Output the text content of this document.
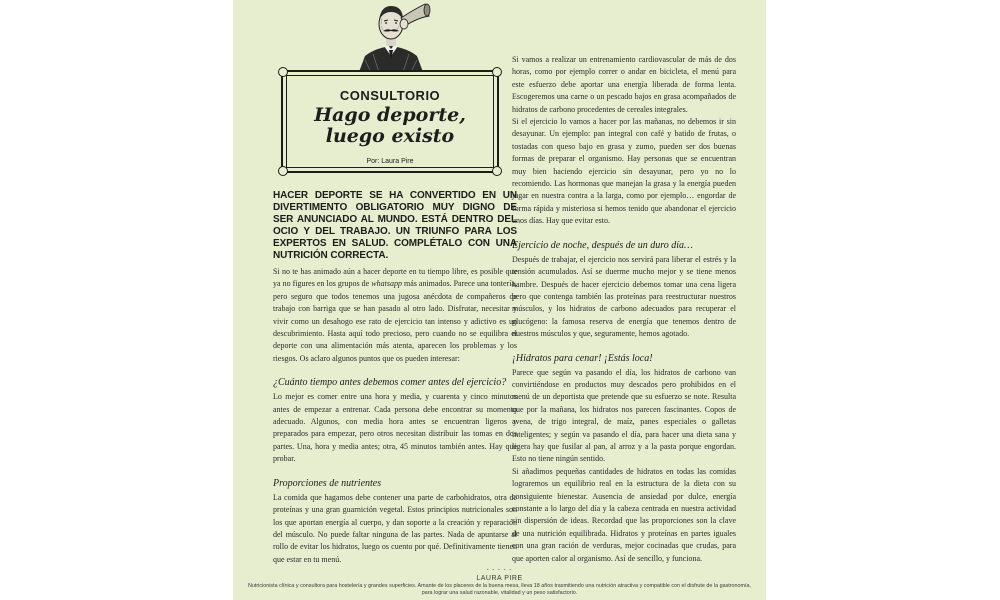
CONSULTORIO
Hago deporte,
luego existo
Por: Laura Pire

HACER DEPORTE SE HA CONVERTIDO EN UN DIVERTIMENTO OBLIGATORIO MUY DIGNO DE SER ANUNCIADO AL MUNDO. ESTÁ DENTRO DEL OCIO Y DEL TRABAJO. UN TRIUNFO PARA LOS EXPERTOS EN SALUD. COMPLÉTALO CON UNA NUTRICIÓN CORRECTA.

Si no te has animado aún a hacer deporte en tu tiempo libre, es posible que ya no figures en los grupos de whatsapp más animados. Parece una tontería, pero seguro que todos tenemos una jugosa anécdota de compañeros de trabajo con barriga que se han pasado al otro lado. Disfrutar, necesitar y vivir como un desahogo ese rato de ejercicio tan intenso y adictivo es un descubrimiento. Hasta aquí todo precioso, pero cuando no se equilibra el deporte con una alimentación más atenta, aparecen los problemas y los riesgos. Os aclaro algunos puntos que os pueden interesar:

¿Cuánto tiempo antes debemos comer antes del ejercicio?

Lo mejor es comer entre una hora y media, y cuarenta y cinco minutos antes de empezar a entrenar. Cada persona debe encontrar su momento adecuado. Algunos, con media hora antes se encuentran ligeros y preparados para empezar, pero otros necesitan distribuir las tomas en dos partes. Una, hora y media antes; otra, 45 minutos también antes. Hay que probar.

Proporciones de nutrientes

La comida que hagamos debe contener una parte de carbohidratos, otra de proteínas y una gran guarnición vegetal. Estos principios nutricionales son los que aportan energía al cuerpo, y dan soporte a la creación y reparación del músculo. No puede faltar ninguna de las partes. Nada de apuntarse al rollo de evitar los hidratos, luego os cuento por qué. Definitivamente tienen que estar en tu menú.

Si vamos a realizar un entrenamiento cardiovascular de más de dos horas, como por ejemplo correr o andar en bicicleta, el menú para este esfuerzo debe aportar una energía liberada de forma lenta. Escogeremos una carne o un pescado bajos en grasa acompañados de hidratos de carbono procedentes de cereales integrales.

Si el ejercicio lo vamos a hacer por las mañanas, no debemos ir sin desayunar. Un ejemplo: pan integral con café y batido de frutas, o tostadas con queso bajo en grasa y zumo, pueden ser dos buenas formas de preparar el organismo. Hay personas que se encuentran muy bien haciendo ejercicio sin desayunar, pero yo no lo recomiendo. Las hormonas que manejan la grasa y la energía pueden jugar en nuestra contra a la larga, como por ejemplo… engordar de forma rápida y misteriosa si hemos tenido que abandonar el ejercicio unos días. Hay que evitar esto.

Ejercicio de noche, después de un duro día…

Después de trabajar, el ejercicio nos servirá para liberar el estrés y la tensión acumulados. Así se duerme mucho mejor y se tiene menos hambre. Después de hacer ejercicio debemos tomar una cena ligera pero que contenga también las proteínas para reestructurar nuestros músculos, y los hidratos de carbono adecuados para recuperar el glucógeno: la famosa reserva de energía que tenemos dentro de nuestros músculos y que, seguramente, hemos agotado.

¡Hidratos para cenar! ¡Estás loca!

Parece que según va pasando el día, los hidratos de carbono van convirtiéndose en productos muy descados pero prohibidos en el menú de un deportista que pretende que su esfuerzo se note. Resulta que por la mañana, los hidratos nos parecen fascinantes. Copos de avena, de trigo integral, de maíz, panes especiales o galletas inteligentes; y según va pasando el día, para hacer una dieta sana y ligera hay que fusilar al pan, al arroz y a la pasta porque engordan. Esto no tiene ningún sentido.

Si añadimos pequeñas cantidades de hidratos en todas las comidas lograremos un equilibrio real en la estructura de la dieta con su consiguiente bienestar. Ausencia de ansiedad por dulce, energía constante a lo largo del día y la cabeza centrada en nuestra actividad sin dispersión de ideas. Recordad que las proporciones son la clave de una nutrición equilibrada. Hidratos y proteínas en partes iguales con una gran ración de verduras, mejor cocinadas que crudas, para que aporten calor al organismo. Así de sencillo, y funciona.

- - - - -
LAURA PIRE
Nutricionista clínica y consultora para hostelería y grandes superficies. Amante de los placeres de la buena mesa, lleva 18 años trasmitiendo una nutrición atractiva y compatible con el disfrute de la gastronomía, para lograr una salud razonable, vitalidad y un peso satisfactorio.
